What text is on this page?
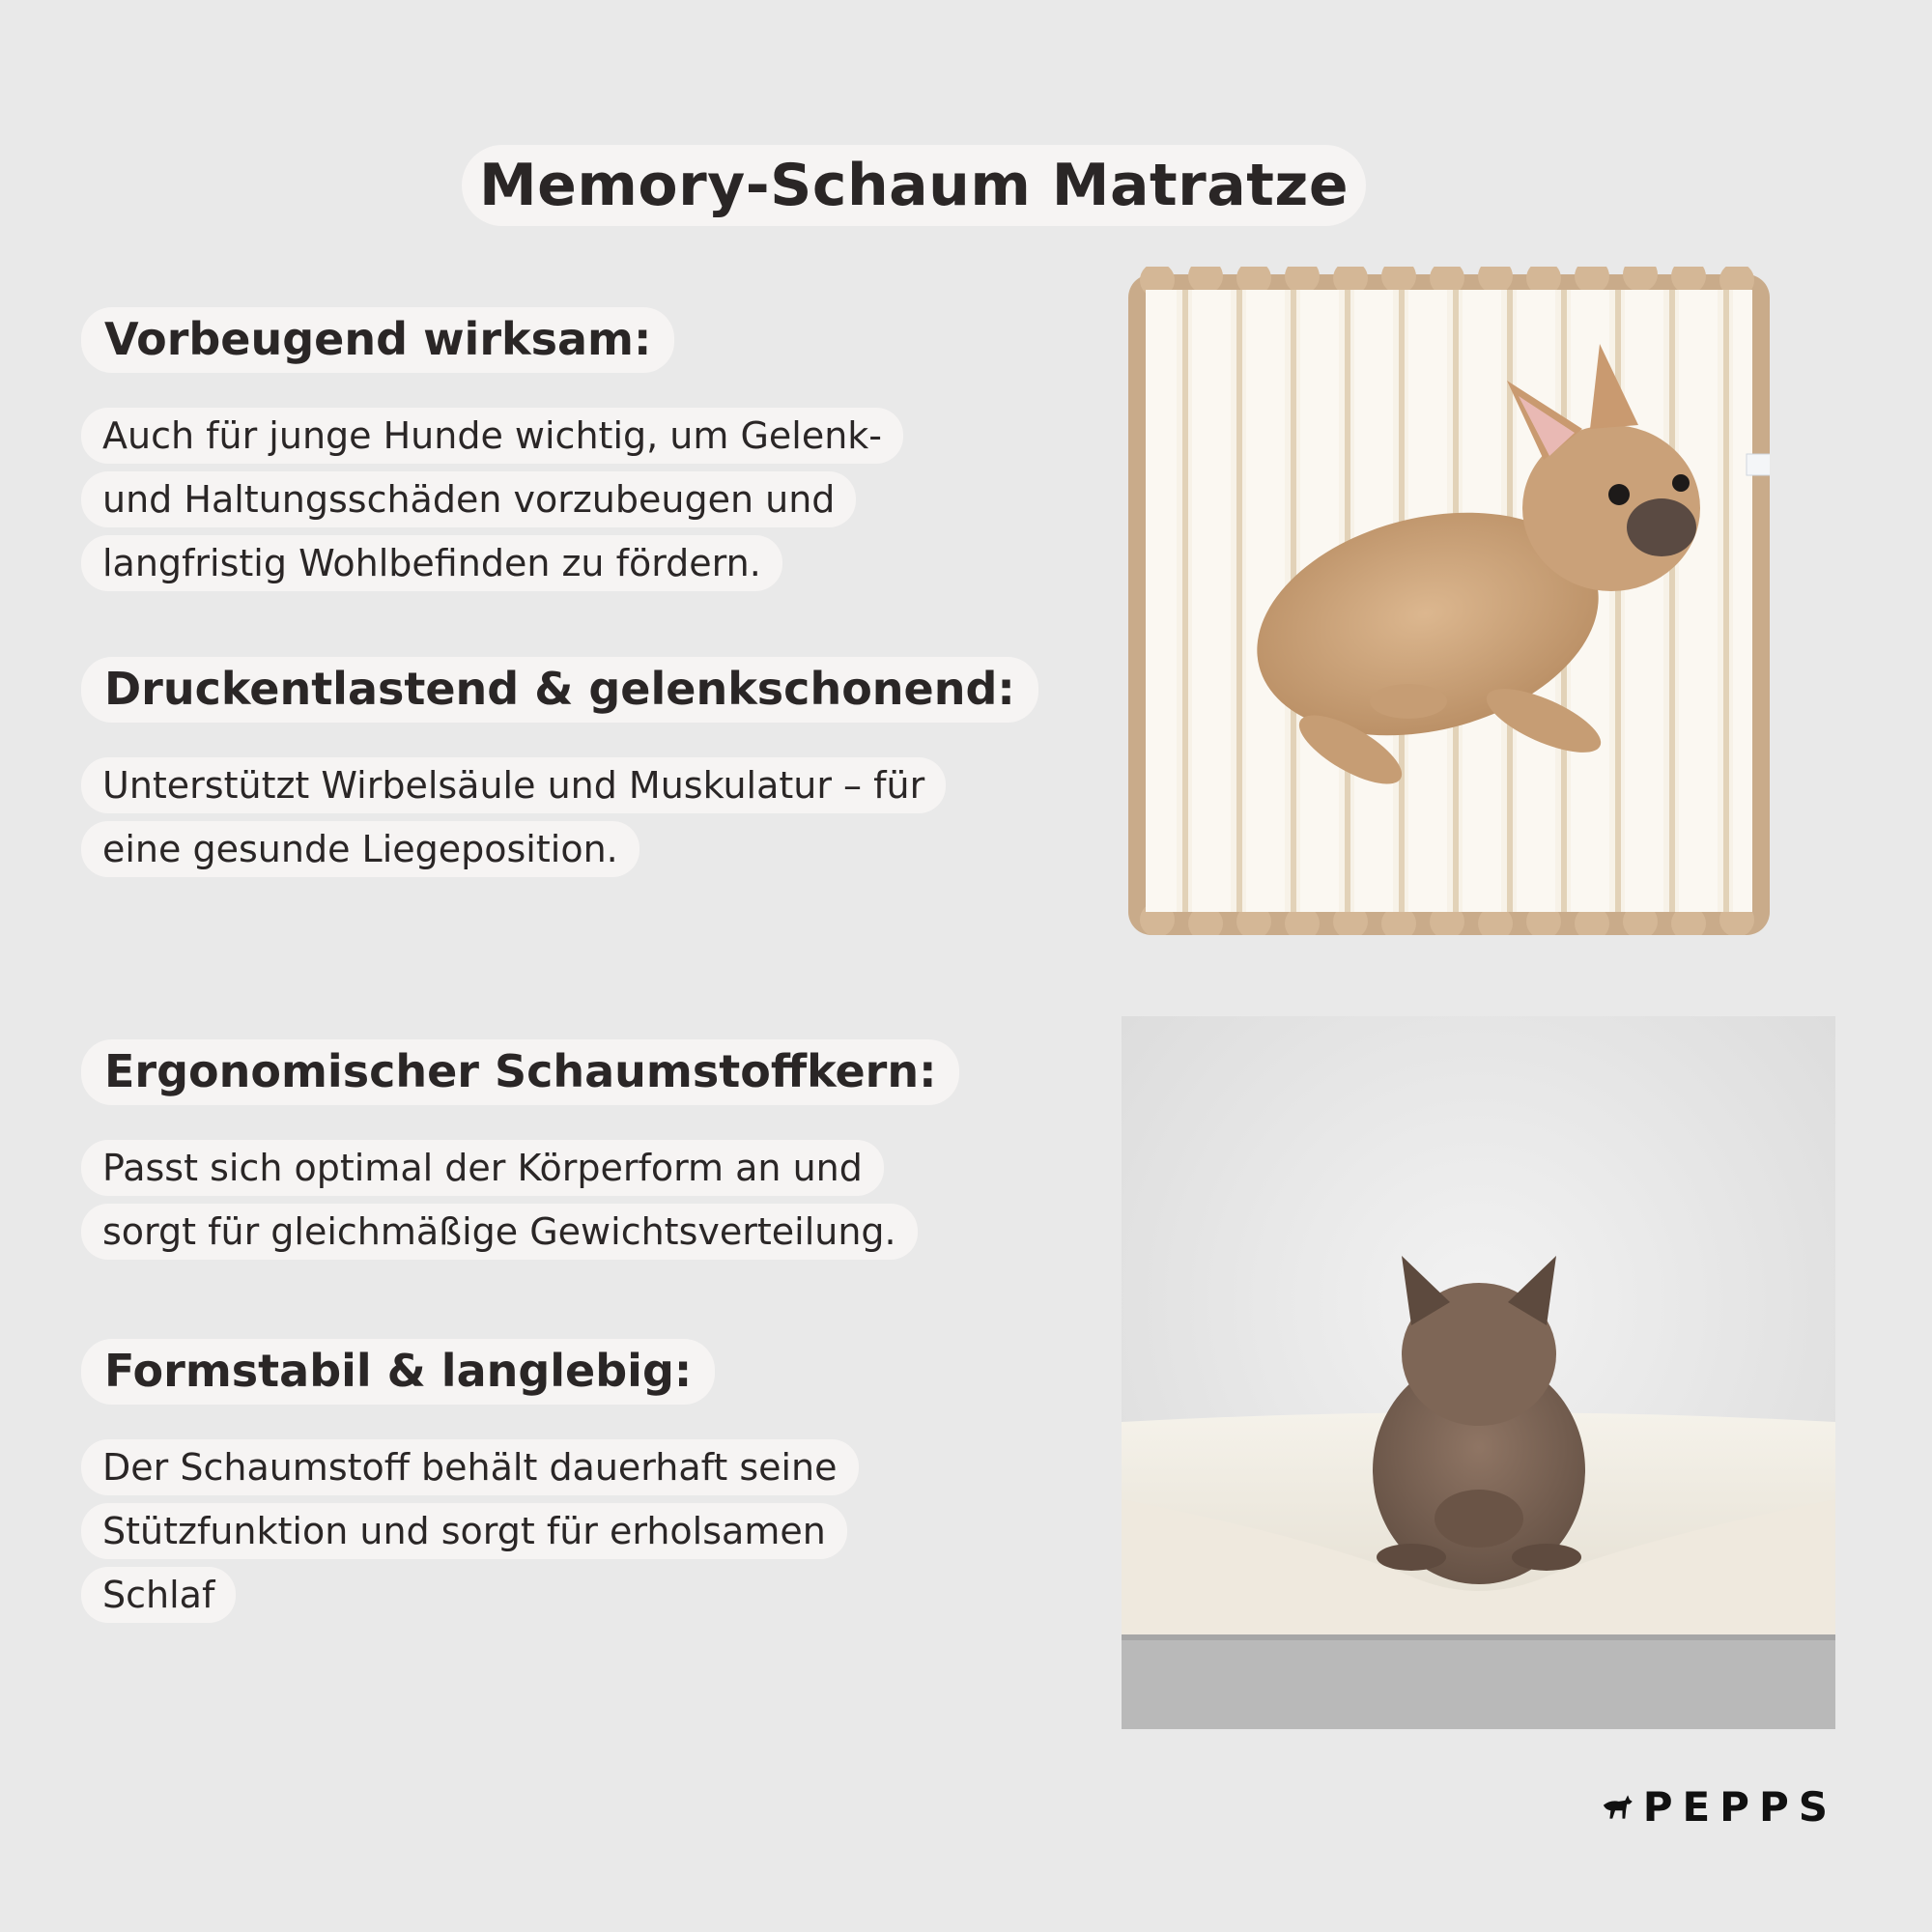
Memory-Schaum Matratze
Vorbeugend wirksam:
Auch für junge Hunde wichtig, um Gelenk-
und Haltungsschäden vorzubeugen und
langfristig Wohlbefinden zu fördern.
Druckentlastend & gelenkschonend:
Unterstützt Wirbelsäule und Muskulatur – für
eine gesunde Liegeposition.
Ergonomischer Schaumstoffkern:
Passt sich optimal der Körperform an und
sorgt für gleichmäßige Gewichtsverteilung.
Formstabil & langlebig:
Der Schaumstoff behält dauerhaft seine
Stützfunktion und sorgt für erholsamen
Schlaf
PEPPS
